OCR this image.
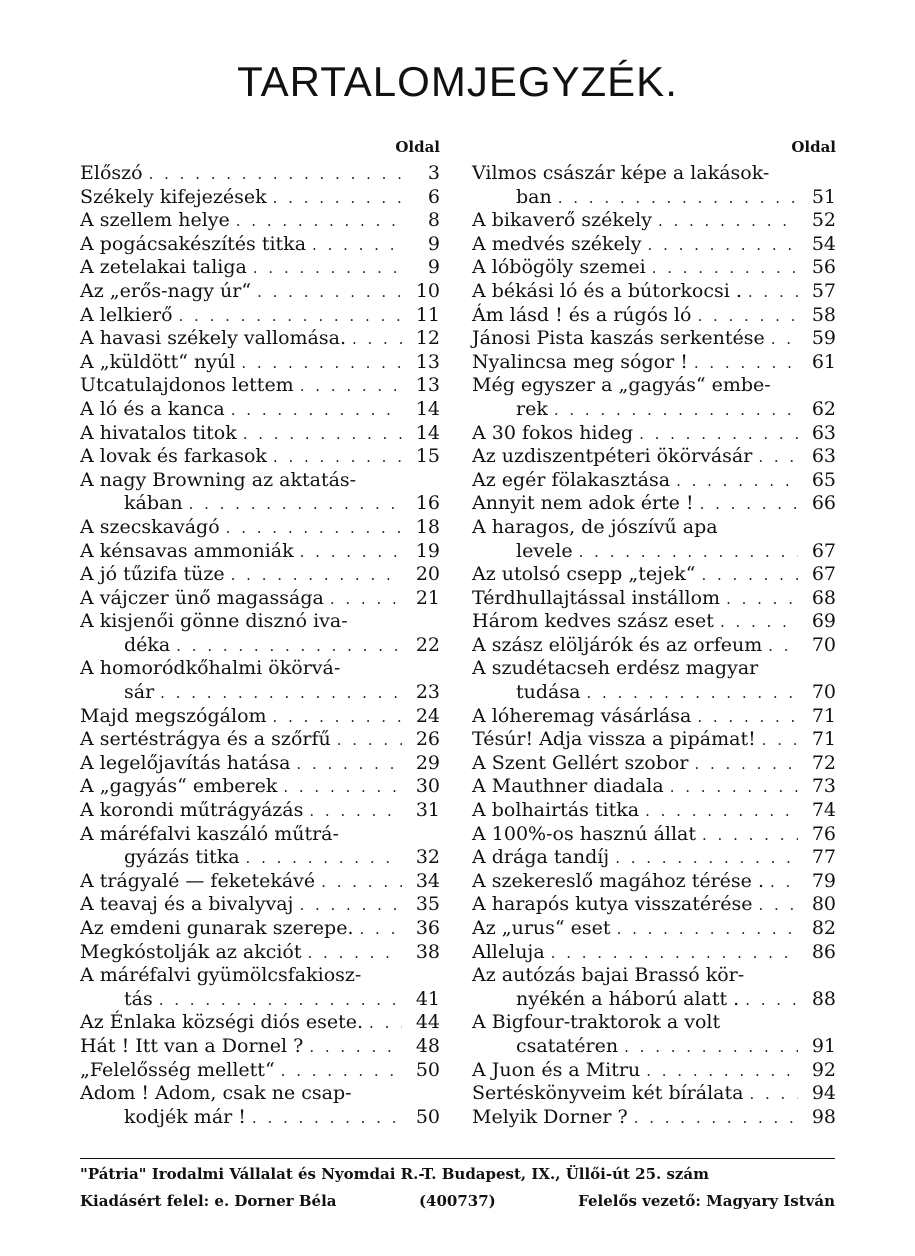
TARTALOMJEGYZÉK.
Oldal
Előszó . . .	3
Székely kifejezések . . .	6
A szellem helye . . .	8
A pogácsakészítés titka . . .	9
A zetelakai taliga . . .	9
Az „erős-nagy úr“ . . .	10
A lelkierő . . .	11
A havasi székely vallomása. . . .	12
A „küldött“ nyúl . . .	13
Utcatulajdonos lettem . . .	13
A ló és a kanca . . .	14
A hivatalos titok . . .	14
A lovak és farkasok . . .	15
A nagy Browning az aktatás-
kában . . .	16
A szecskavágó . . .	18
A kénsavas ammoniák . . .	19
A jó tűzifa tüze . . .	20
A vájczer ünő magassága . . .	21
A kisjenői gönne disznó iva-
déka . . .	22
A homoródkőhalmi ökörvá-
sár . . .	23
Majd megszógálom . . .	24
A sertéstrágya és a szőrfű . . .	26
A legelőjavítás hatása . . .	29
A „gagyás“ emberek . . .	30
A korondi műtrágyázás . . .	31
A máréfalvi kaszáló műtrá-
gyázás titka . . .	32
A trágyalé — feketekávé . . .	34
A teavaj és a bivalyvaj . . .	35
Az emdeni gunarak szerepe. . . .	36
Megkóstolják az akciót . . .	38
A máréfalvi gyümölcsfakiosz-
tás . . .	41
Az Énlaka községi diós esete. . . .	44
Hát ! Itt van a Dornel ? . . .	48
„Felelősség mellett“ . . .	50
Adom ! Adom, csak ne csap-
kodjék már ! . . .	50
Oldal
Vilmos császár képe a lakások-
ban . . .	51
A bikaverő székely . . .	52
A medvés székely . . .	54
A lóbögöly szemei . . .	56
A békási ló és a bútorkocsi . . . .	57
Ám lásd ! és a rúgós ló . . .	58
Jánosi Pista kaszás serkentése . . .	59
Nyalincsa meg sógor ! . . .	61
Még egyszer a „gagyás“ embe-
rek . . .	62
A 30 fokos hideg . . .	63
Az uzdiszentpéteri ökörvásár . . .	63
Az egér fölakasztása . . .	65
Annyit nem adok érte ! . . .	66
A haragos, de jószívű apa
levele . . .	67
Az utolsó csepp „tejek“ . . .	67
Térdhullajtással instállom . . .	68
Három kedves szász eset . . .	69
A szász elöljárók és az orfeum . . .	70
A szudétacseh erdész magyar
tudása . . .	70
A lóheremag vásárlása . . .	71
Tésúr! Adja vissza a pipámat! . . .	71
A Szent Gellért szobor . . .	72
A Mauthner diadala . . .	73
A bolhairtás titka . . .	74
A 100%-os hasznú állat . . .	76
A drága tandíj . . .	77
A szekereslő magához térése . . . .	79
A harapós kutya visszatérése . . .	80
Az „urus“ eset . . .	82
Alleluja . . .	86
Az autózás bajai Brassó kör-
nyékén a háború alatt . . . .	88
A Bigfour-traktorok a volt
csatatéren . . .	91
A Juon és a Mitru . . .	92
Sertéskönyveim két bírálata . . .	94
Melyik Dorner ? . . .	98
"Pátria" Irodalmi Vállalat és Nyomdai R.-T. Budapest, IX., Üllői-út 25. szám
Kiadásért felel: e. Dorner Béla	(400737)	Felelős vezető: Magyary István
